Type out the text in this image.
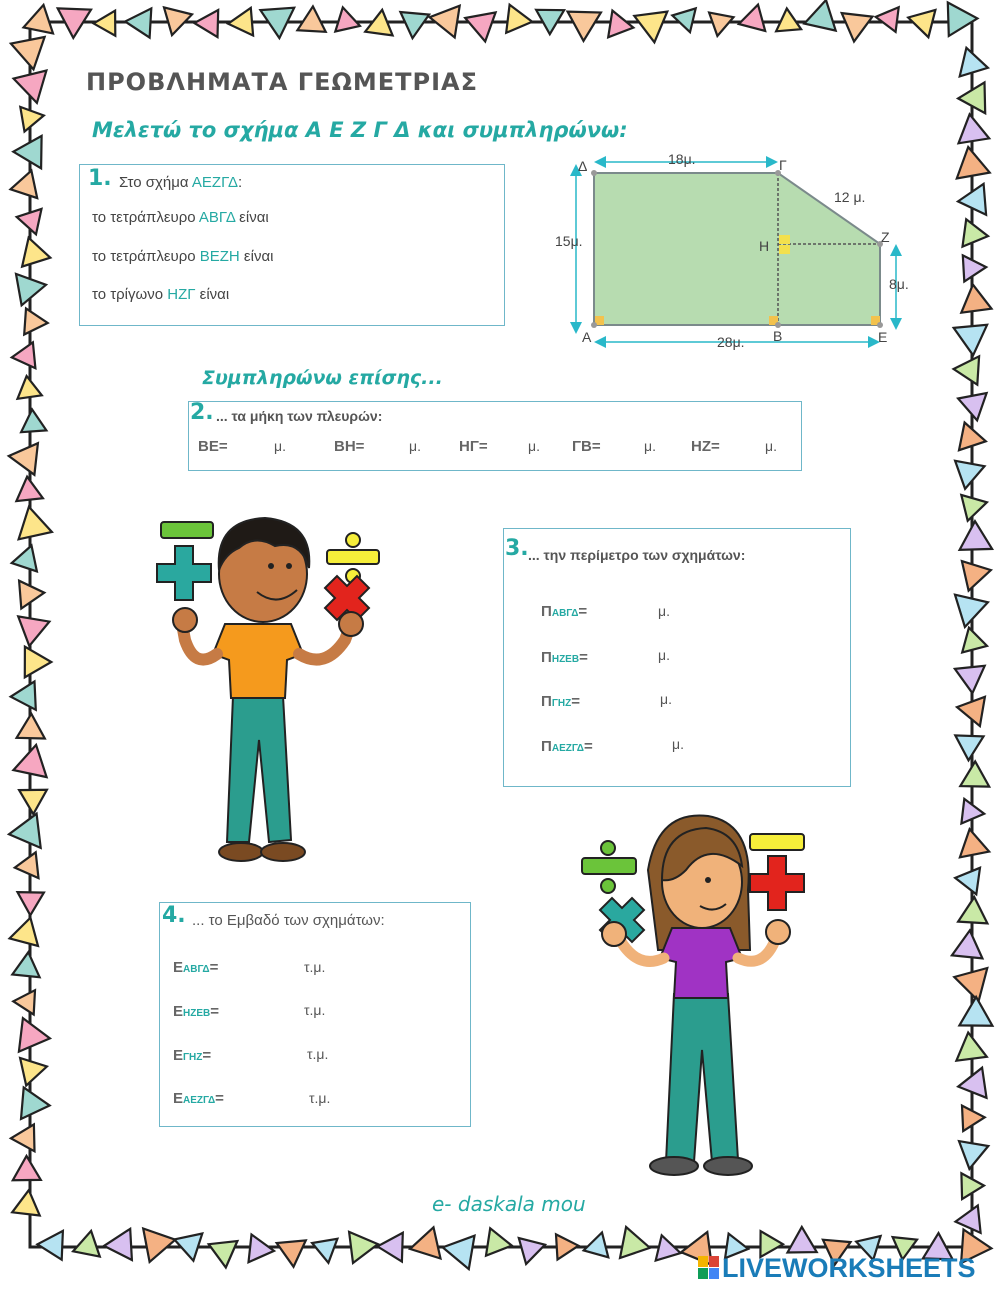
ΠΡΟΒΛΗΜΑΤΑ ΓΕΩΜΕΤΡΙΑΣ
Μελετώ το σχήμα Α Ε Ζ Γ Δ και συμπληρώνω:
1. Στο σχήμα ΑΕΖΓΔ:
το τετράπλευρο ΑΒΓΔ είναι
το τετράπλευρο ΒΕΖΗ είναι
το τρίγωνο ΗΖΓ είναι
Δ	Γ
Ζ
Η
Α	Β	Ε
18μ.
12 μ.
15μ.
8μ.
28μ.
Συμπληρώνω επίσης...
2. ... τα μήκη των πλευρών:
ΒΕ=	μ.	ΒΗ=	μ.	ΗΓ=	μ. ΓΒ=	μ. ΗΖ=	μ.
3. ... την περίμετρο των σχημάτων:
ΠΑΒΓΔ=	μ.
ΠΗΖΕΒ=	μ.
ΠΓΗΖ=	μ.
ΠΑΕΖΓΔ=	μ.
4. ... το Εμβαδό των σχημάτων:
ΕΑΒΓΔ=	τ.μ.
ΕΗΖΕΒ=	τ.μ.
ΕΓΗΖ=	τ.μ.
ΕΑΕΖΓΔ=	τ.μ.
e- daskala mou
LIVEWORKSHEETS
